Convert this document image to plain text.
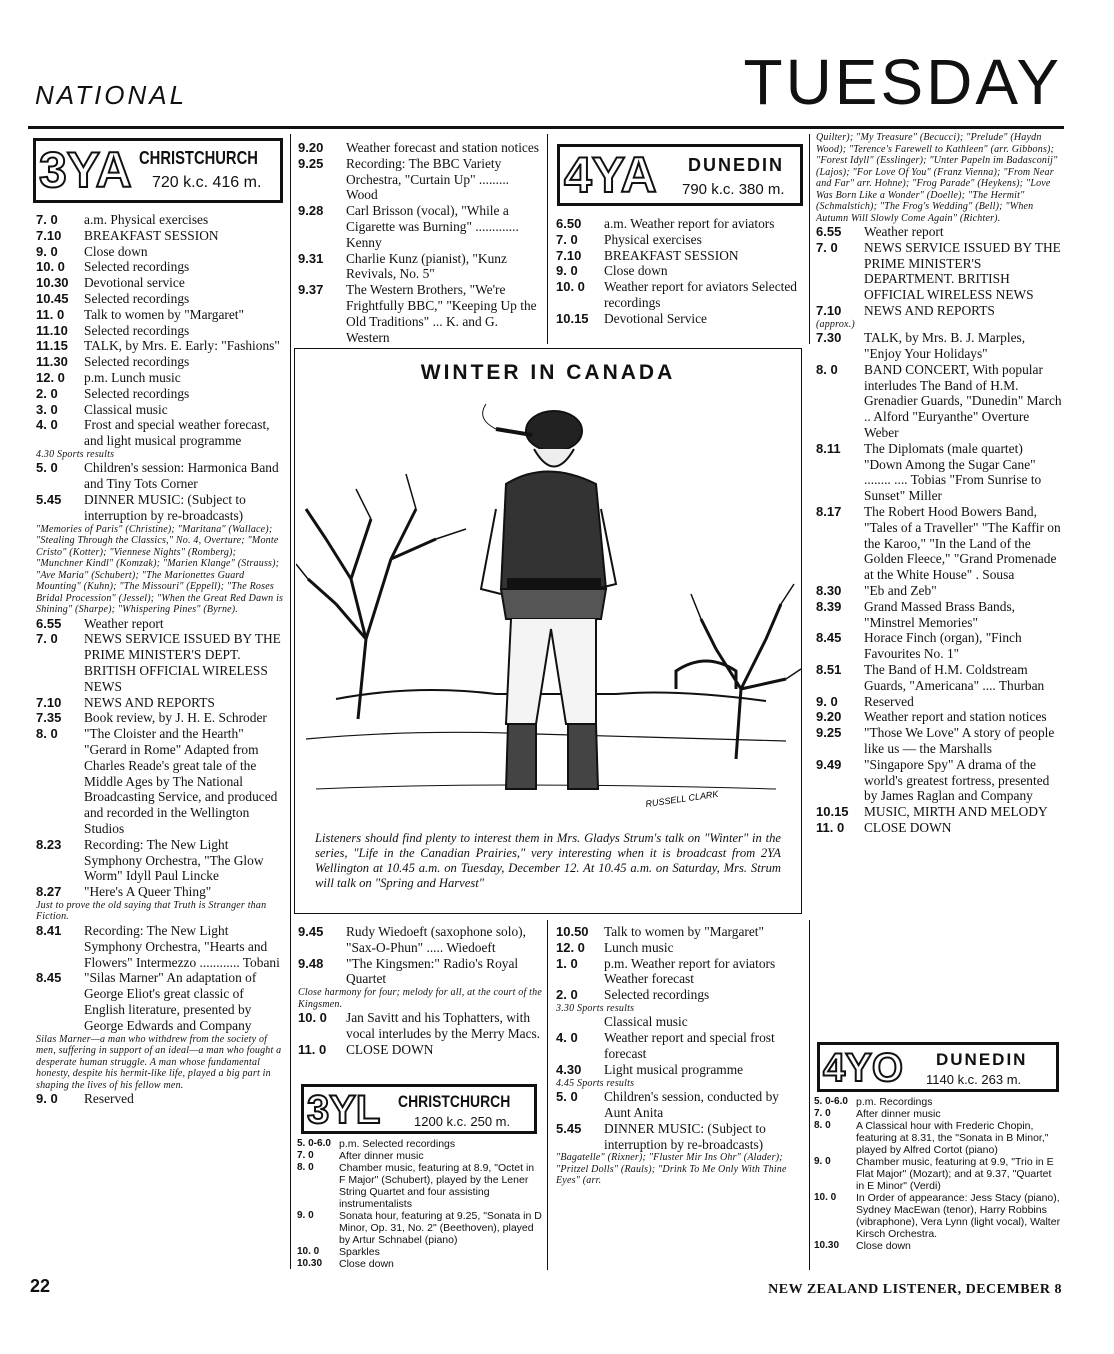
NATIONAL	TUESDAY
3YA CHRISTCHURCH
720 k.c. 416 m.
7. 0	a.m. Physical exercises
7.10	BREAKFAST SESSION
9. 0	Close down
10. 0	Selected recordings
10.30	Devotional service
10.45	Selected recordings
11. 0	Talk to women by "Margaret"
11.10	Selected recordings
11.15	TALK, by Mrs. E. Early: "Fashions"
11.30	Selected recordings
12. 0	p.m. Lunch music
2. 0	Selected recordings
3. 0	Classical music
4. 0	Frost and special weather forecast, and light musical programme
4.30 Sports results
5. 0	Children's session: Harmonica Band and Tiny Tots Corner
5.45	DINNER MUSIC: (Subject to interruption by re-broadcasts)
"Memories of Paris" (Christine); "Maritana" (Wallace); "Stealing Through the Classics," No. 4, Overture; "Monte Cristo" (Kotter); "Viennese Nights" (Romberg); "Munchner Kindl" (Komzak); "Marien Klange" (Strauss); "Ave Maria" (Schubert); "The Marionettes Guard Mounting" (Kuhn); "The Missouri" (Eppell); "The Roses Bridal Procession" (Jessel); "When the Great Red Dawn is Shining" (Sharpe); "Whispering Pines" (Byrne).
6.55	Weather report
7. 0	NEWS SERVICE ISSUED BY THE PRIME MINISTER'S DEPT. BRITISH OFFICIAL WIRELESS NEWS
7.10	NEWS AND REPORTS
7.35	Book review, by J. H. E. Schroder
8. 0	"The Cloister and the Hearth" "Gerard in Rome" Adapted from Charles Reade's great tale of the Middle Ages by The National Broadcasting Service, and produced and recorded in the Wellington Studios
8.23	Recording: The New Light Symphony Orchestra, "The Glow Worm" Idyll Paul Lincke
8.27	"Here's A Queer Thing"
Just to prove the old saying that Truth is Stranger than Fiction.
8.41	Recording: The New Light Symphony Orchestra, "Hearts and Flowers" Intermezzo ............ Tobani
8.45	"Silas Marner" An adaptation of George Eliot's great classic of English literature, presented by George Edwards and Company
Silas Marner—a man who withdrew from the society of men, suffering in support of an ideal—a man who fought a desperate human struggle. A man whose fundamental honesty, despite his hermit-like life, played a big part in shaping the lives of his fellow men.
9. 0	Reserved
9.20	Weather forecast and station notices
9.25	Recording: The BBC Variety Orchestra, "Curtain Up" ......... Wood
9.28	Carl Brisson (vocal), "While a Cigarette was Burning" ............. Kenny
9.31	Charlie Kunz (pianist), "Kunz Revivals, No. 5"
9.37	The Western Brothers, "We're Frightfully BBC," "Keeping Up the Old Traditions" ... K. and G. Western
4YA DUNEDIN
790 k.c. 380 m.
6.50	a.m. Weather report for aviators
7. 0	Physical exercises
7.10	BREAKFAST SESSION
9. 0	Close down
10. 0	Weather report for aviators Selected recordings
10.15	Devotional Service
WINTER IN CANADA
RUSSELL CLARK
Listeners should find plenty to interest them in Mrs. Gladys Strum's talk on "Winter" in the series, "Life in the Canadian Prairies," very interesting when it is broadcast from 2YA Wellington at 10.45 a.m. on Tuesday, December 12. At 10.45 a.m. on Saturday, Mrs. Strum will talk on "Spring and Harvest"
9.45	Rudy Wiedoeft (saxophone solo), "Sax-O-Phun" ..... Wiedoeft
9.48	"The Kingsmen:" Radio's Royal Quartet
Close harmony for four; melody for all, at the court of the Kingsmen.
10. 0	Jan Savitt and his Tophatters, with vocal interludes by the Merry Macs.
11. 0	CLOSE DOWN
3YL CHRISTCHURCH
1200 k.c. 250 m.
5. 0-6.0 p.m. Selected recordings
7. 0	After dinner music
8. 0	Chamber music, featuring at 8.9, "Octet in F Major" (Schubert), played by the Lener String Quartet and four assisting instrumentalists
9. 0	Sonata hour, featuring at 9.25, "Sonata in D Minor, Op. 31, No. 2" (Beethoven), played by Artur Schnabel (piano)
10. 0	Sparkles
10.30	Close down
10.50	Talk to women by "Margaret"
12. 0	Lunch music
1. 0	p.m. Weather report for aviators
Weather forecast
2. 0	Selected recordings
3.30 Sports results
Classical music
4. 0	Weather report and special frost forecast
4.30	Light musical programme
4.45 Sports results
5. 0	Children's session, conducted by Aunt Anita
5.45	DINNER MUSIC: (Subject to interruption by re-broadcasts)
"Bagatelle" (Rixner); "Fluster Mir Ins Ohr" (Alader); "Pritzel Dolls" (Rauls); "Drink To Me Only With Thine Eyes" (arr.
Quilter); "My Treasure" (Becucci); "Prelude" (Haydn Wood); "Terence's Farewell to Kathleen" (arr. Gibbons); "Forest Idyll" (Esslinger); "Unter Papeln im Badasconij" (Lajos); "For Love Of You" (Franz Vienna); "From Near and Far" arr. Hohne); "Frog Parade" (Heykens); "Love Was Born Like a Wonder" (Doelle); "The Hermit" (Schmalstich); "The Frog's Wedding" (Bell); "When Autumn Will Slowly Come Again" (Richter).
6.55	Weather report
7. 0	NEWS SERVICE ISSUED BY THE PRIME MINISTER'S DEPARTMENT. BRITISH OFFICIAL WIRELESS NEWS
7.10	NEWS AND REPORTS
(approx.)
7.30	TALK, by Mrs. B. J. Marples, "Enjoy Your Holidays"
8. 0	BAND CONCERT, With popular interludes The Band of H.M. Grenadier Guards, "Dunedin" March .. Alford "Euryanthe" Overture Weber
8.11	The Diplomats (male quartet) "Down Among the Sugar Cane" ........ .... Tobias "From Sunrise to Sunset" Miller
8.17	The Robert Hood Bowers Band, "Tales of a Traveller" "The Kaffir on the Karoo," "In the Land of the Golden Fleece," "Grand Promenade at the White House" . Sousa
8.30	"Eb and Zeb"
8.39	Grand Massed Brass Bands, "Minstrel Memories"
8.45	Horace Finch (organ), "Finch Favourites No. 1"
8.51	The Band of H.M. Coldstream Guards, "Americana" .... Thurban
9. 0	Reserved
9.20	Weather report and station notices
9.25	"Those We Love" A story of people like us — the Marshalls
9.49	"Singapore Spy" A drama of the world's greatest fortress, presented by James Raglan and Company
10.15	MUSIC, MIRTH AND MELODY
11. 0	CLOSE DOWN
4YO DUNEDIN
1140 k.c. 263 m.
5. 0-6.0 p.m. Recordings
7. 0	After dinner music
8. 0	A Classical hour with Frederic Chopin, featuring at 8.31, the "Sonata in B Minor," played by Alfred Cortot (piano)
9. 0	Chamber music, featuring at 9.9, "Trio in E Flat Major" (Mozart); and at 9.37, "Quartet in E Minor" (Verdi)
10. 0	In Order of appearance: Jess Stacy (piano), Sydney MacEwan (tenor), Harry Robbins (vibraphone), Vera Lynn (light vocal), Walter Kirsch Orchestra.
10.30	Close down
22	NEW ZEALAND LISTENER, DECEMBER 8
